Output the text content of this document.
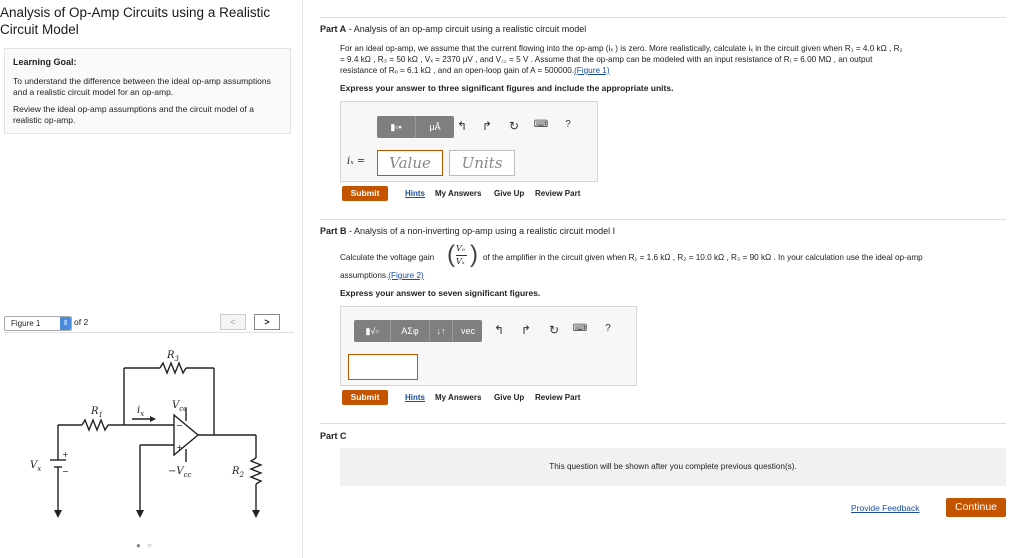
Analysis of Op-Amp Circuits using a Realistic Circuit Model
Learning Goal:

To understand the difference between the ideal op-amp assumptions and a realistic circuit model for an op-amp.

Review the ideal op-amp assumptions and the circuit model of a realistic op-amp.

Figure 1	⇕ of 2	<	>
$R_3$
$R_1$	$i_x$
$V_{cc}$
$V_x$	$-V_{cc}$	$R_2$
+
−
−
+
● ○
Part A - Analysis of an op-amp circuit using a realistic circuit model
For an ideal op-amp, we assume that the current flowing into the op-amp (iₓ ) is zero. More realistically, calculate iₓ in the circuit given when R₁ = 4.0 kΩ , R₂
= 9.4 kΩ , R₃ = 50 kΩ , Vₓ = 2370 μV , and V꜀꜀ = 5 V . Assume that the op-amp can be modeled with an input resistance of Rᵢ = 6.00 MΩ , an output
resistance of Rₒ = 6.1 kΩ , and an open-loop gain of A = 500000.(Figure 1)
Express your answer to three significant figures and include the appropriate units.
▮▫▪	μÅ	↰ ↱ ↻ ⌨	?
iₓ =	Value	Units
Submit	Hints My Answers Give Up Review Part
Part B - Analysis of a non-inverting op-amp using a realistic circuit model I
Calculate the voltage gain ( Vₒ
Vₓ ) of the amplifier in the circuit given when R₁ = 1.6 kΩ , R₂ = 10.0 kΩ , R₃ = 90 kΩ . In your calculation use the ideal op-amp
assumptions.(Figure 2)
Express your answer to seven significant figures.
▮√▫	ΑΣφ	↓↑	vec	↰ ↱ ↻ ⌨	?
Submit	Hints My Answers Give Up Review Part
Part C
This question will be shown after you complete previous question(s).
Provide Feedback	Continue
